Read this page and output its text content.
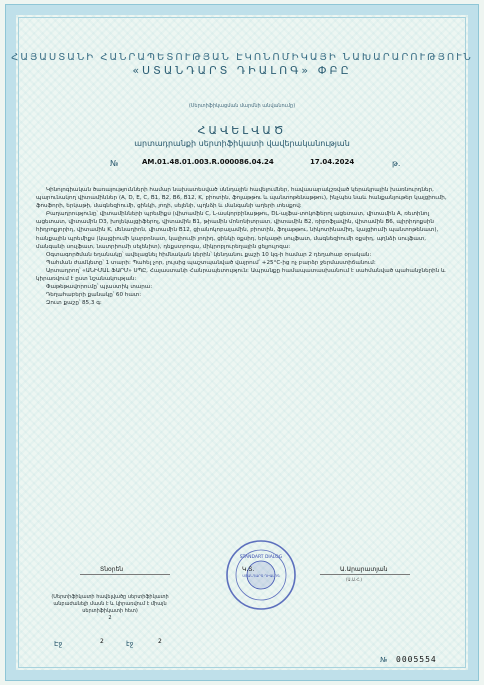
ՀԱՅԱՍՏԱՆԻ ՀԱՆՐԱՊԵՏՈՒԹՅԱՆ ԷԿՈՆՈՄԻԿԱՅԻ ՆԱԽԱՐԱՐՈՒԹՅՈՒՆ
«ՍՏԱՆԴԱՐՏ ԴԻԱԼՈԳ» ՓԲԸ
(Սերտիֆիկացման մարմնի անվանումը)
ՀԱՎԵԼՎԱԾ
արտադրանքի սերտիֆիկատի վավերականության
№	AM.01.48.01.003.R.000086.04.24	17.04.2024	թ.

Կինոլոգիական ծառայությունների համար նախատեսված սննդային հավելումներ, հավասարակշռված կերակրային խառնուրդներ, պարունակող վիտամիններ (A, D, E, C, B1, B2, B6, B12, K, բիոտին, ֆոլաթթու և պանտոթենաթթու), ինչպես նաև հանքանյութեր կալցիումի, ֆոսֆորի, երկաթի, մագնեզիումի, ցինկի, յոդի, սելենի, պղնձի և մանգանի աղերի տեսքով:

Բաղադրությունը՝ վիտամինների պրեմիքս (վիտամին C, L-ասկորբինաթթու, DL-ալֆա-տոկոֆերոլ ացետատ, վիտամին A, ռետինոլ ացետատ, վիտամին D3, խոլեկալցիֆերոլ, վիտամին B1, թիամին մոնոնիտրատ, վիտամին B2, ռիբոֆլավին, վիտամին B6, պիրիդոքսին հիդրոքլորիդ, վիտամին K, մենադիոն, վիտամին B12, ցիանոկոբալամին, բիոտին, ֆոլաթթու, նիկոտինամիդ, կալցիումի պանտոթենատ), հանքային պրեմիքս (կալցիումի կարբոնատ, կալիումի յոդիդ, ցինկի օքսիդ, երկաթի սուլֆատ, մագնեզիումի օքսիդ, պղնձի սուլֆատ, մանգանի սուլֆատ, նատրիումի սելենիտ), դեքստրոզա, միկրոբյուրեղային ցելյուլոզա:

Օգտագործման եղանակը՝ ավելացնել հիմնական կերին՝ կենդանու քաշի 10 կգ-ի համար 2 դեղահաբ օրական:

Պահման ժամկետը՝ 1 տարի: Պահել չոր, լույսից պաշտպանված վայրում՝ +25°C-ից ոչ բարձր ջերմաստիճանում:

Արտադրող՝ «ԱՆԻՄԱԼ ՖԱՐՄ» ՍՊԸ, Հայաստանի Հանրապետություն: Ապրանքը համապատասխանում է սահմանված պահանջներին և կիրառվում է ըստ նշանակության:

Փաթեթավորումը՝ պլաստիկ տարա:

Դեղահաբերի քանակը՝ 60 հատ:

Զուտ քաշը՝ 85,3 գ:

STANDART DIALOG
ՍՏԱՆԴԱՐՏ ԴԻԱԼՈԳ
Տնօրեն	Կ.Տ.	Ա.Արարատյան
(Ա.Ա.Հ.)
(Սերտիֆիկատի հավելվածը սերտիֆիկատի անբաժանելի մասն է և կիրառվում է միայն սերտիֆիկատի հետ)
2
Էջ	2	էջ	2
№ 0005554
